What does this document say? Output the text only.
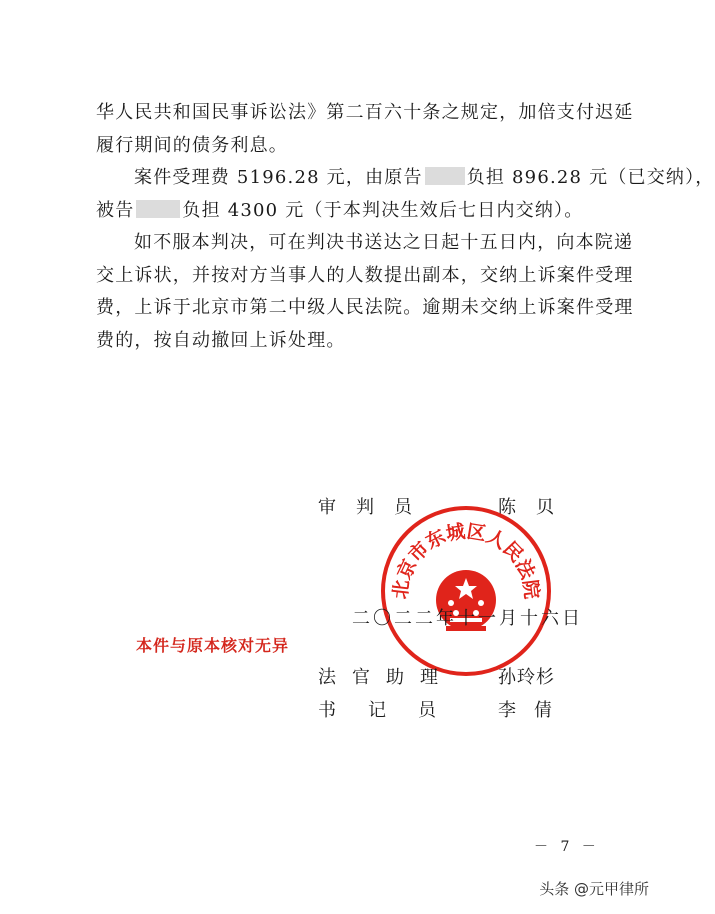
华人民共和国民事诉讼法》第二百六十条之规定，加倍支付迟延
履行期间的债务利息。
案件受理费 5196.28 元，由原告 负担 896.28 元（已交纳），
被告	负担 4300 元（于本判决生效后七日内交纳）。
如不服本判决，可在判决书送达之日起十五日内，向本院递
交上诉状，并按对方当事人的人数提出副本，交纳上诉案件受理
费，上诉于北京市第二中级人民法院。逾期未交纳上诉案件受理
费的，按自动撤回上诉处理。
审判员	陈贝
北京市东城区人民法院
二〇二二年十一月十六日
本件与原本核对无异
法官助理 孙玲杉
书记员 李倩
－ 7 －
头条 @元甲律所
